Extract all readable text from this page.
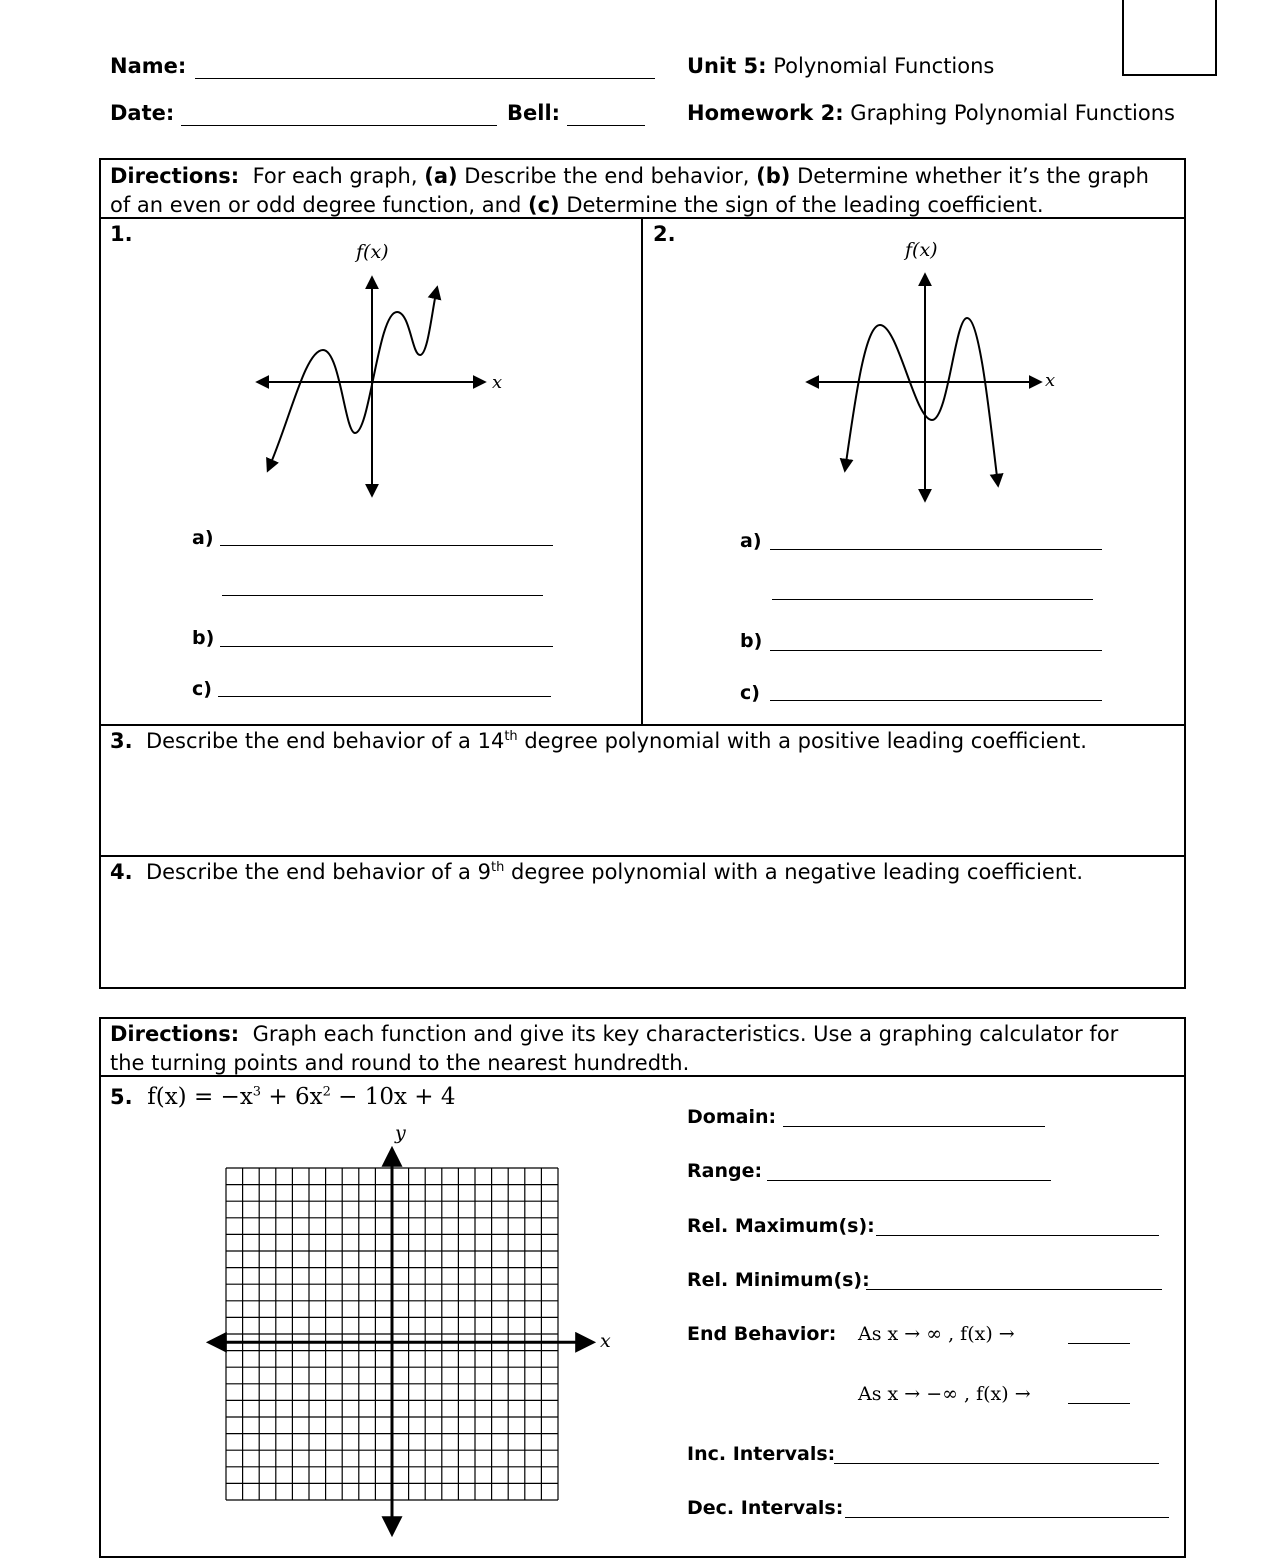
Name:	Unit 5: Polynomial Functions
Date:	Bell:	Homework 2: Graphing Polynomial Functions
Directions: For each graph, (a) Describe the end behavior, (b) Determine whether it’s the graph
of an even or odd degree function, and (c) Determine the sign of the leading coefficient.
1.
f(x)
x
a)
b)
c)
2.
f(x)
x
a)
b)
c)
3. Describe the end behavior of a 14th degree polynomial with a positive leading coefficient.
4. Describe the end behavior of a 9th degree polynomial with a negative leading coefficient.
Directions: Graph each function and give its key characteristics. Use a graphing calculator for
the turning points and round to the nearest hundredth.
5. $f(x) = -x^3 + 6x^2 - 10x + 4$
y
x
Domain:
Range:
Rel. Maximum(s):
Rel. Minimum(s):
End Behavior: As x → ∞ , f(x) →
As x → −∞ , f(x) →
Inc. Intervals:
Dec. Intervals:
